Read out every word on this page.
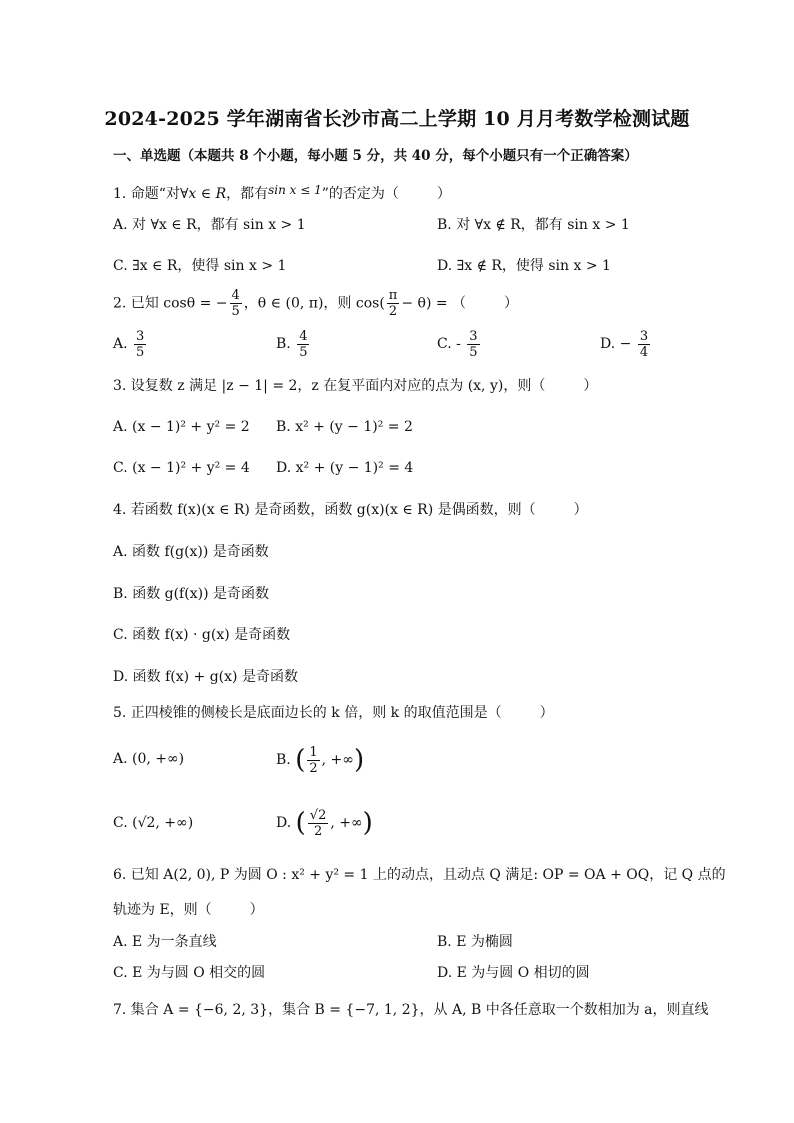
2024-2025 学年湖南省长沙市高二上学期 10 月月考数学检测试题
一、单选题（本题共 8 个小题，每小题 5 分，共 40 分，每个小题只有一个正确答案）
1. 命题“对∀x ∈ R，都有sin x ≤ 1”的否定为（	）
A. 对 ∀x ∈ R，都有 sin x > 1	B. 对 ∀x ∉ R，都有 sin x > 1
C. ∃x ∈ R，使得 sin x > 1	D. ∃x ∉ R，使得 sin x > 1
2. 已知 cosθ = − $\frac{4}{5}$ ，θ ∈ (0, π)，则 $\cos( \frac{\pi}{2} - \theta)$ = （	）
A. $\frac{3}{5}$	B. $\frac{4}{5}$	C. - $\frac{3}{5}$	D. − $\frac{3}{4}$
3. 设复数 z 满足 |z − 1| = 2，z 在复平面内对应的点为 (x, y)，则（	）
A. (x − 1)² + y² = 2 B. x² + (y − 1)² = 2
C. (x − 1)² + y² = 4 D. x² + (y − 1)² = 4
4. 若函数 f(x)(x ∈ R) 是奇函数，函数 g(x)(x ∈ R) 是偶函数，则（	）
A. 函数 f(g(x)) 是奇函数
B. 函数 g(f(x)) 是奇函数
C. 函数 f(x) · g(x) 是奇函数
D. 函数 f(x) + g(x) 是奇函数
5. 正四棱锥的侧棱长是底面边长的 k 倍，则 k 的取值范围是（	）
A. (0, +∞)	B. ( $\frac{1}{2}$ , +∞)
C. (√2, +∞)	D. ( $\frac{√2}{2}$ , +∞)
6. 已知 A(2, 0), P 为圆 O : x² + y² = 1 上的动点，且动点 Q 满足: OP = OA + OQ，记 Q 点的
轨迹为 E，则（	）
A. E 为一条直线	B. E 为椭圆
C. E 为与圆 O 相交的圆	D. E 为与圆 O 相切的圆
7. 集合 A = {−6, 2, 3}，集合 B = {−7, 1, 2}，从 A, B 中各任意取一个数相加为 a，则直线
